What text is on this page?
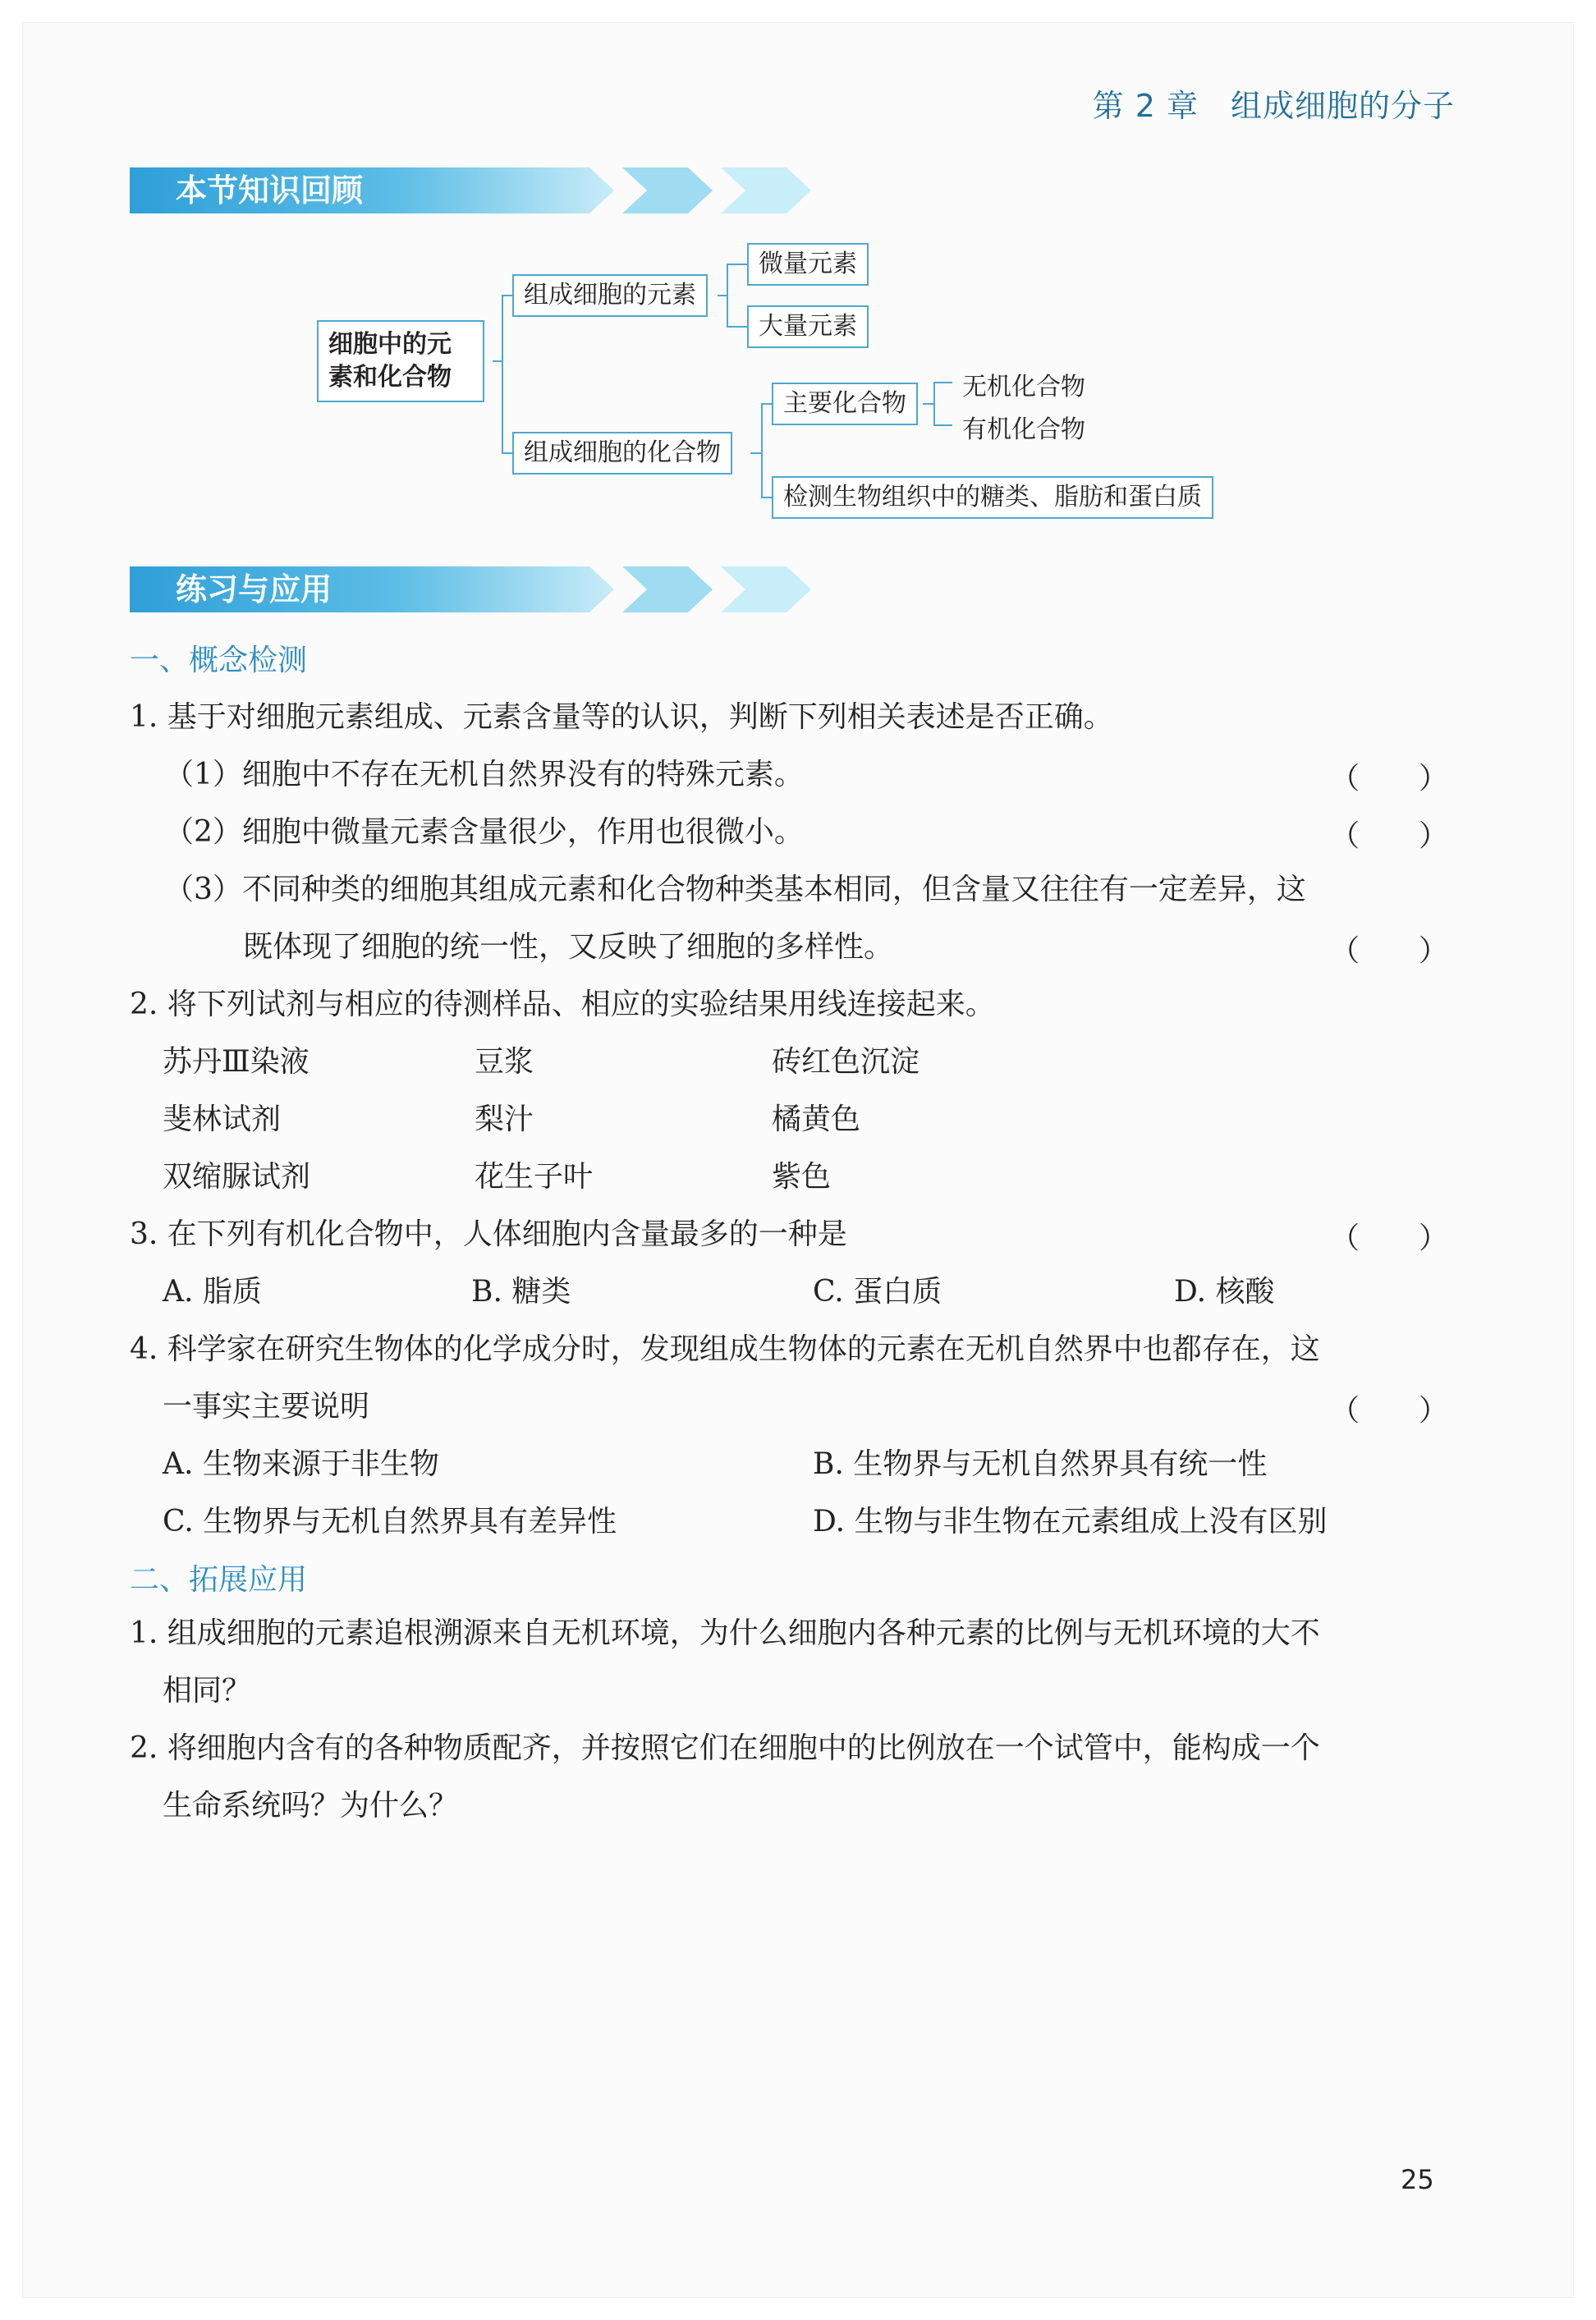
第 2 章　组成细胞的分子
本节知识回顾
细胞中的元素和化合物
组成细胞的元素
微量元素
大量元素
组成细胞的化合物
主要化合物
无机化合物
有机化合物
检测生物组织中的糖类、脂肪和蛋白质
练习与应用
一、概念检测
1. 基于对细胞元素组成、元素含量等的认识，判断下列相关表述是否正确。
（1）细胞中不存在无机自然界没有的特殊元素。	（　　）
（2）细胞中微量元素含量很少，作用也很微小。	（　　）
（3）不同种类的细胞其组成元素和化合物种类基本相同，但含量又往往有一定差异，这
既体现了细胞的统一性，又反映了细胞的多样性。	（　　）
2. 将下列试剂与相应的待测样品、相应的实验结果用线连接起来。
苏丹Ⅲ染液	豆浆	砖红色沉淀
斐林试剂	梨汁	橘黄色
双缩脲试剂	花生子叶	紫色
3. 在下列有机化合物中，人体细胞内含量最多的一种是	（　　）
A. 脂质	B. 糖类	C. 蛋白质	D. 核酸
4. 科学家在研究生物体的化学成分时，发现组成生物体的元素在无机自然界中也都存在，这
一事实主要说明	（　　）
A. 生物来源于非生物	B. 生物界与无机自然界具有统一性
C. 生物界与无机自然界具有差异性	D. 生物与非生物在元素组成上没有区别
二、拓展应用
1. 组成细胞的元素追根溯源来自无机环境，为什么细胞内各种元素的比例与无机环境的大不
相同？
2. 将细胞内含有的各种物质配齐，并按照它们在细胞中的比例放在一个试管中，能构成一个
生命系统吗？为什么？
25
